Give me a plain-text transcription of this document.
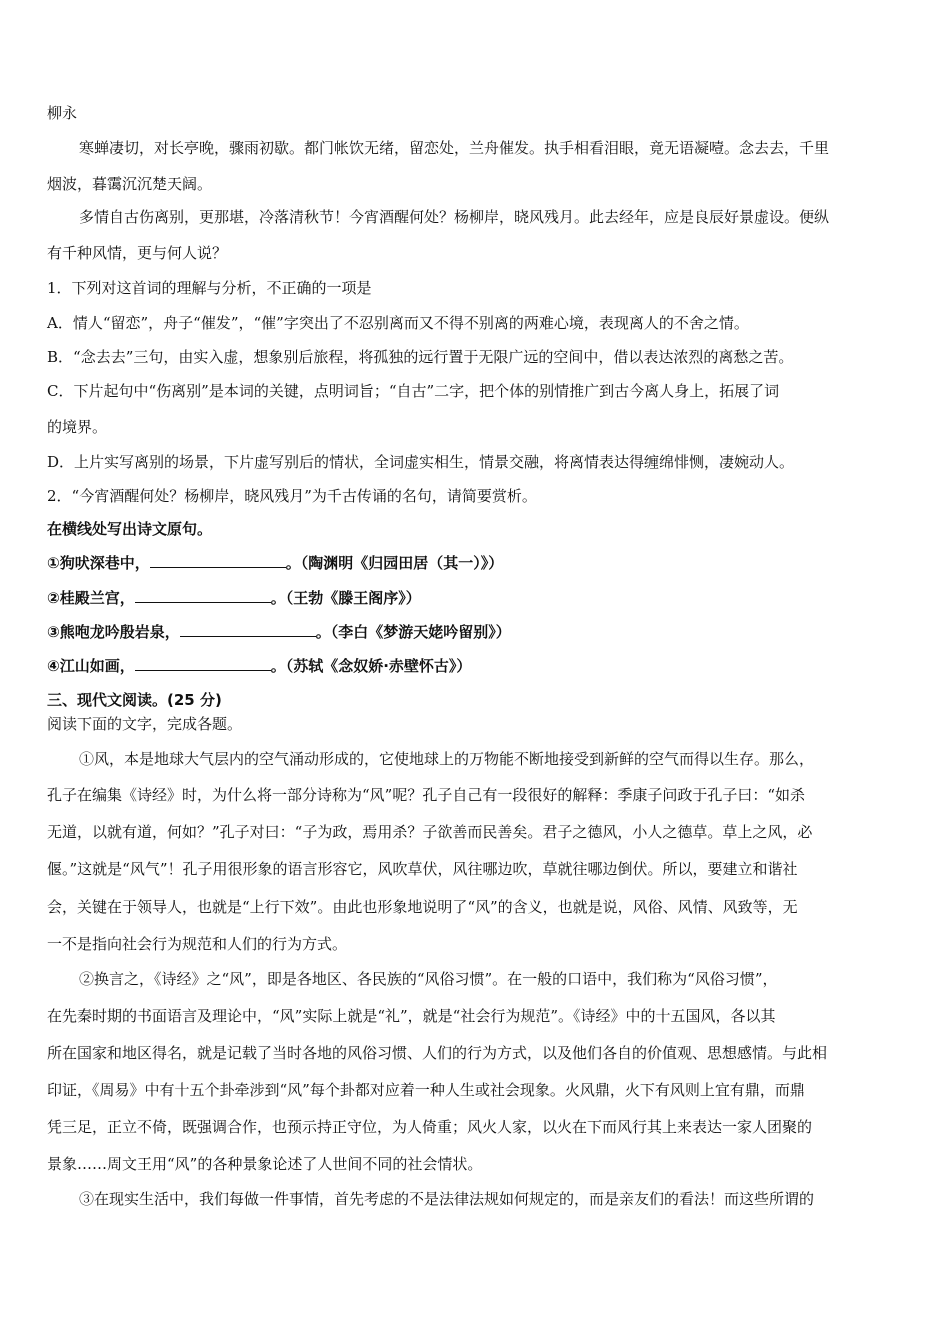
柳永
寒蝉凄切，对长亭晚，骤雨初歇。都门帐饮无绪，留恋处，兰舟催发。执手相看泪眼，竟无语凝噎。念去去，千里
烟波，暮霭沉沉楚天阔。
多情自古伤离别，更那堪，冷落清秋节！今宵酒醒何处？杨柳岸，晓风残月。此去经年，应是良辰好景虚设。便纵
有千种风情，更与何人说？
1．下列对这首词的理解与分析，不正确的一项是
A．情人“留恋”，舟子“催发”，“催”字突出了不忍别离而又不得不别离的两难心境，表现离人的不舍之情。
B．“念去去”三句，由实入虚，想象别后旅程，将孤独的远行置于无限广远的空间中，借以表达浓烈的离愁之苦。
C．下片起句中“伤离别”是本词的关键，点明词旨；“自古”二字，把个体的别情推广到古今离人身上，拓展了词
的境界。
D．上片实写离别的场景，下片虚写别后的情状，全词虚实相生，情景交融，将离情表达得缠绵悱恻，凄婉动人。
2．“今宵酒醒何处？杨柳岸，晓风残月”为千古传诵的名句，请简要赏析。
在横线处写出诗文原句。
①狗吠深巷中，	。（陶渊明《归园田居（其一）》）
②桂殿兰宫，	。（王勃《滕王阁序》）
③熊咆龙吟殷岩泉，	。（李白《梦游天姥吟留别》）
④江山如画，	。（苏轼《念奴娇·赤壁怀古》）
三、现代文阅读。(25 分)
阅读下面的文字，完成各题。
①风，本是地球大气层内的空气涌动形成的，它使地球上的万物能不断地接受到新鲜的空气而得以生存。那么，
孔子在编集《诗经》时，为什么将一部分诗称为“风”呢？孔子自己有一段很好的解释：季康子问政于孔子曰：“如杀
无道，以就有道，何如？”孔子对曰：“子为政，焉用杀？子欲善而民善矣。君子之德风，小人之德草。草上之风，必
偃。”这就是“风气”！孔子用很形象的语言形容它，风吹草伏，风往哪边吹，草就往哪边倒伏。所以，要建立和谐社
会，关键在于领导人，也就是“上行下效”。由此也形象地说明了“风”的含义，也就是说，风俗、风情、风致等，无
一不是指向社会行为规范和人们的行为方式。
②换言之，《诗经》之“风”，即是各地区、各民族的“风俗习惯”。在一般的口语中，我们称为“风俗习惯”，
在先秦时期的书面语言及理论中，“风”实际上就是“礼”，就是“社会行为规范”。《诗经》中的十五国风，各以其
所在国家和地区得名，就是记载了当时各地的风俗习惯、人们的行为方式，以及他们各自的价值观、思想感情。与此相
印证，《周易》中有十五个卦牵涉到“风”每个卦都对应着一种人生或社会现象。火风鼎，火下有风则上宜有鼎，而鼎
凭三足，正立不倚，既强调合作，也预示持正守位，为人倚重；风火人家，以火在下而风行其上来表达一家人团聚的
景象……周文王用“风”的各种景象论述了人世间不同的社会情状。
③在现实生活中，我们每做一件事情，首先考虑的不是法律法规如何规定的，而是亲友们的看法！而这些所谓的
